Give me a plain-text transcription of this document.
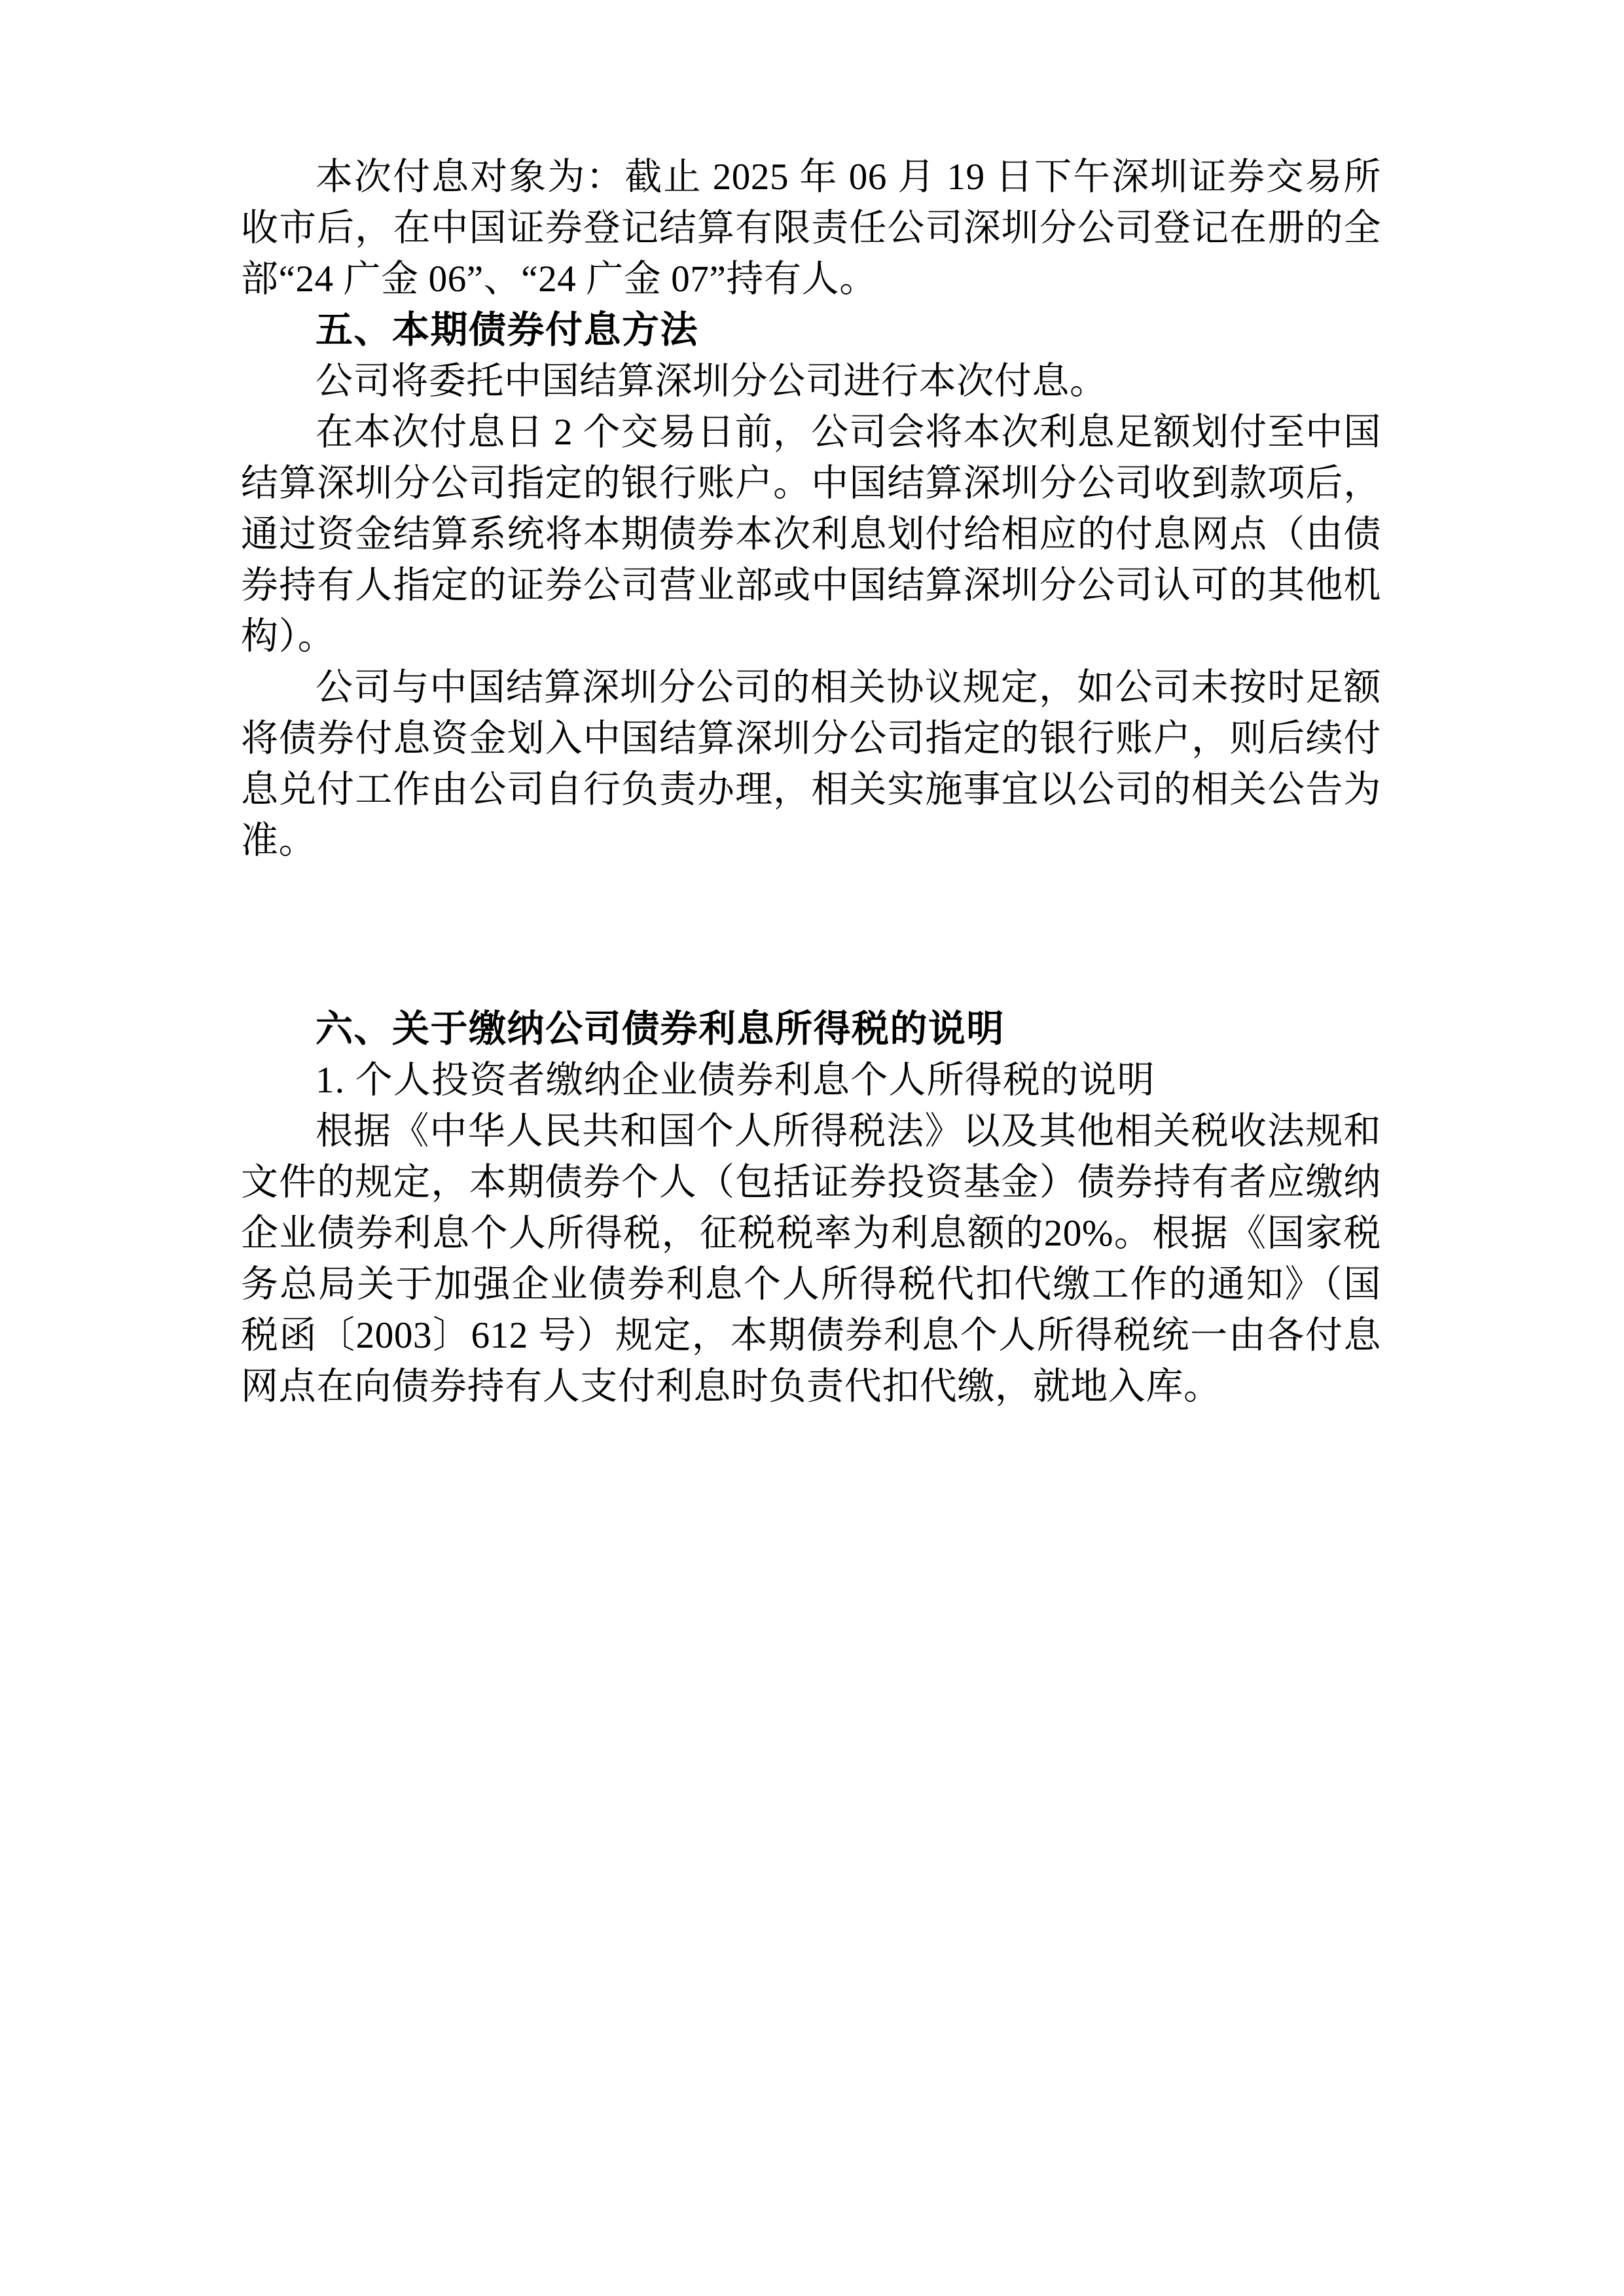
本次付息对象为：截止 2025 年 06 月 19 日下午深圳证券交易所收市后，在中国证券登记结算有限责任公司深圳分公司登记在册的全部“24 广金 06”、“24 广金 07”持有人。

五、本期债券付息方法

公司将委托中国结算深圳分公司进行本次付息。

在本次付息日 2 个交易日前，公司会将本次利息足额划付至中国结算深圳分公司指定的银行账户。中国结算深圳分公司收到款项后，通过资金结算系统将本期债券本次利息划付给相应的付息网点（由债券持有人指定的证券公司营业部或中国结算深圳分公司认可的其他机构）。

公司与中国结算深圳分公司的相关协议规定，如公司未按时足额将债券付息资金划入中国结算深圳分公司指定的银行账户，则后续付息兑付工作由公司自行负责办理，相关实施事宜以公司的相关公告为准。

六、关于缴纳公司债券利息所得税的说明
1. 个人投资者缴纳企业债券利息个人所得税的说明

根据《中华人民共和国个人所得税法》以及其他相关税收法规和文件的规定，本期债券个人（包括证券投资基金）债券持有者应缴纳企业债券利息个人所得税，征税税率为利息额的20%。根据《国家税务总局关于加强企业债券利息个人所得税代扣代缴工作的通知》（国税函〔2003〕612 号）规定，本期债券利息个人所得税统一由各付息网点在向债券持有人支付利息时负责代扣代缴，就地入库。
